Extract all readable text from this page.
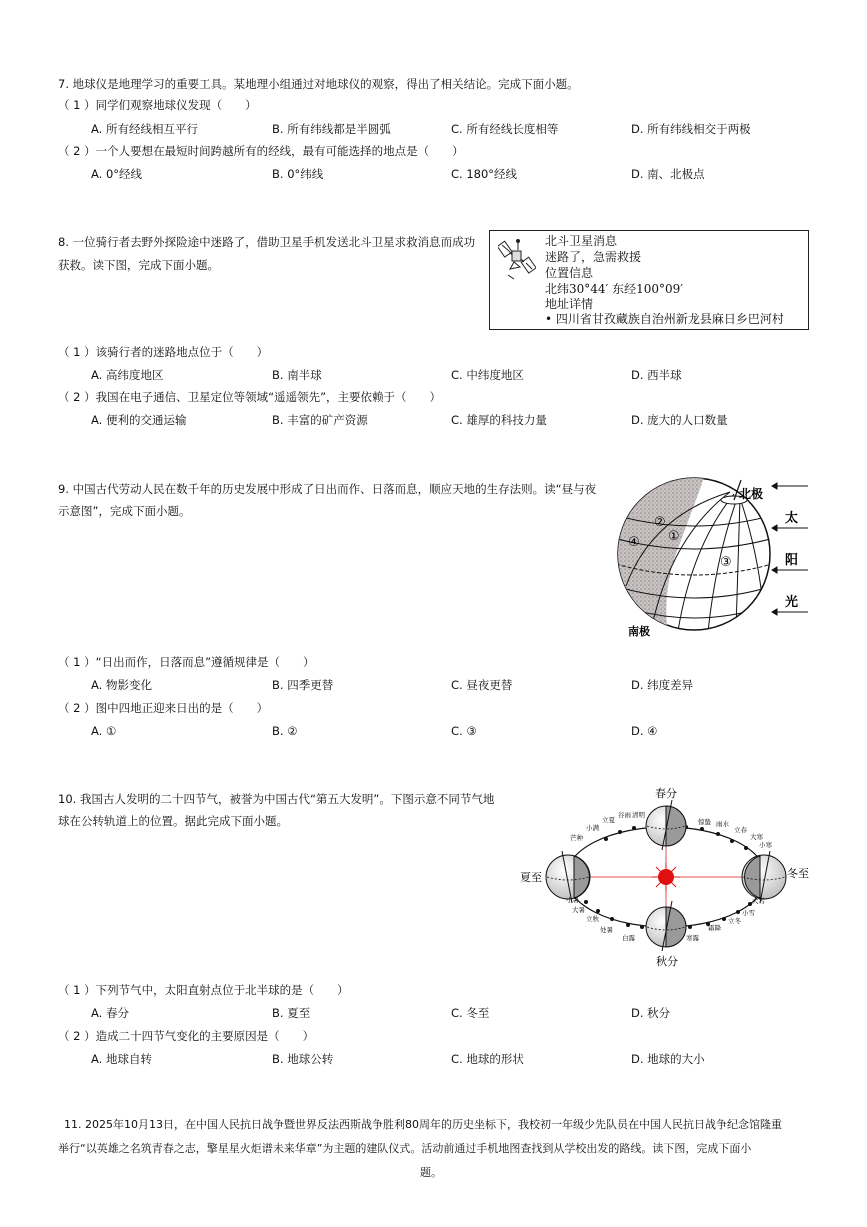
7. 地球仪是地理学习的重要工具。某地理小组通过对地球仪的观察，得出了相关结论。完成下面小题。
（ 1 ）同学们观察地球仪发现（　　）
A. 所有经线相互平行	B. 所有纬线都是半圆弧	C. 所有经线长度相等	D. 所有纬线相交于两极
（ 2 ）一个人要想在最短时间跨越所有的经线，最有可能选择的地点是（　　）
A. 0°经线	B. 0°纬线	C. 180°经线	D. 南、北极点
8. 一位骑行者去野外探险途中迷路了，借助卫星手机发送北斗卫星求救消息而成功
获救。读下图，完成下面小题。
北斗卫星消息
迷路了，急需救援
位置信息
北纬30°44′ 东经100°09′
地址详情
• 四川省甘孜藏族自治州新龙县麻日乡巴河村
（ 1 ）该骑行者的迷路地点位于（　　）
A. 高纬度地区	B. 南半球	C. 中纬度地区	D. 西半球
（ 2 ）我国在电子通信、卫星定位等领域“遥遥领先”，主要依赖于（　　）
A. 便利的交通运输	B. 丰富的矿产资源	C. 雄厚的科技力量	D. 庞大的人口数量
9. 中国古代劳动人民在数千年的历史发展中形成了日出而作、日落而息，顺应天地的生存法则。读“昼与夜
示意图”，完成下面小题。
北极
南极
太
阳
光
②
①
③
④
（ 1 ）“日出而作，日落而息”遵循规律是（　　）
A. 物影变化	B. 四季更替	C. 昼夜更替	D. 纬度差异
（ 2 ）图中四地正迎来日出的是（　　）
A. ①	B. ②	C. ③	D. ④
10. 我国古人发明的二十四节气，被誉为中国古代“第五大发明”。下图示意不同节气地
球在公转轨道上的位置。据此完成下面小题。
春分
夏至	冬至
秋分
芒种
小满
立夏
谷雨 清明
惊蛰 雨水
立春
大寒
小寒
小暑
大暑
立秋
处暑
白露	寒露
霜降
立冬
小雪
大雪
（ 1 ）下列节气中，太阳直射点位于北半球的是（　　）
A. 春分	B. 夏至	C. 冬至	D. 秋分
（ 2 ）造成二十四节气变化的主要原因是（　　）
A. 地球自转	B. 地球公转	C. 地球的形状	D. 地球的大小
11. 2025年10月13日，在中国人民抗日战争暨世界反法西斯战争胜利80周年的历史坐标下，我校初一年级少先队员在中国人民抗日战争纪念馆隆重
举行“以英雄之名筑青春之志，擎星星火炬谱未来华章”为主题的建队仪式。活动前通过手机地图查找到从学校出发的路线。读下图，完成下面小
题。
